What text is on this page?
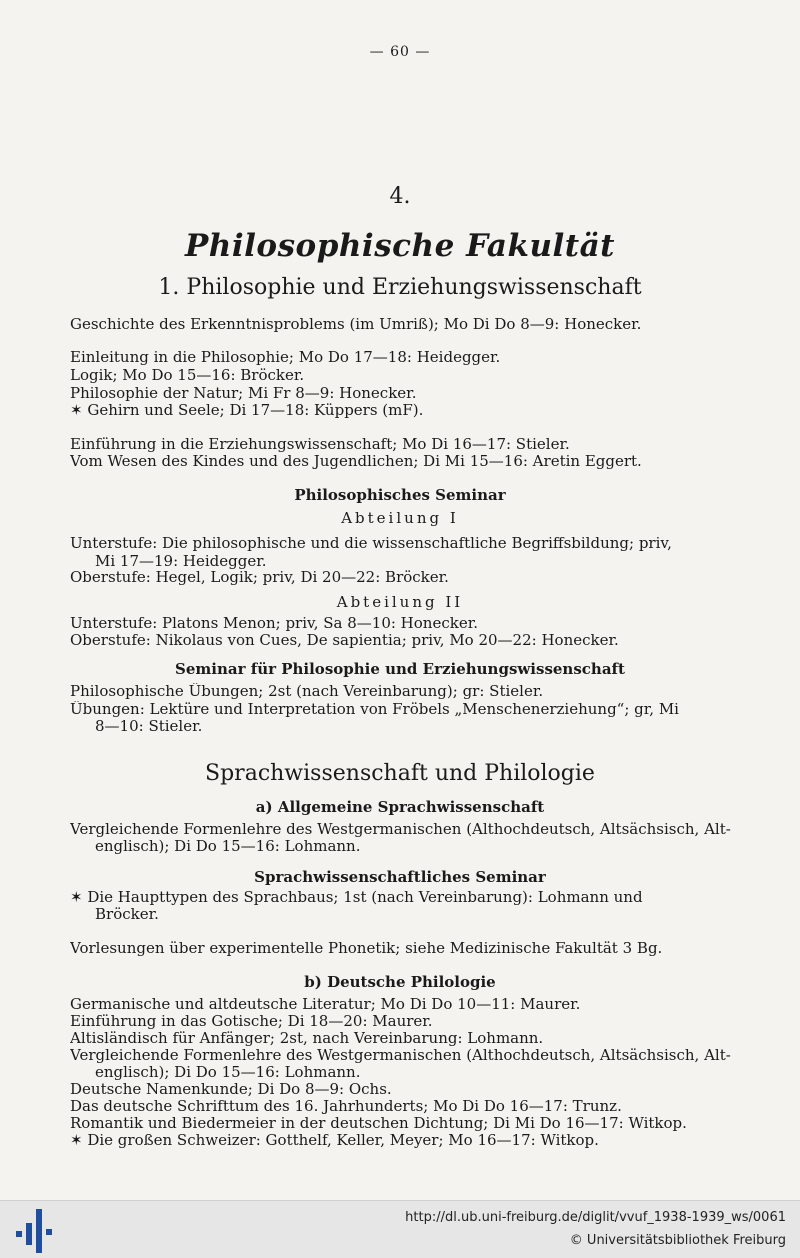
— 60 —
4.
Philosophische Fakultät
1. Philosophie und Erziehungswissenschaft
Geschichte des Erkenntnisproblems (im Umriß); Mo Di Do 8—9: Honecker.
Einleitung in die Philosophie; Mo Do 17—18: Heidegger.
Logik; Mo Do 15—16: Bröcker.
Philosophie der Natur; Mi Fr 8—9: Honecker.
✶ Gehirn und Seele; Di 17—18: Küppers (mF).
Einführung in die Erziehungswissenschaft; Mo Di 16—17: Stieler.
Vom Wesen des Kindes und des Jugendlichen; Di Mi 15—16: Aretin Eggert.
Philosophisches Seminar
Abteilung I
Unterstufe: Die philosophische und die wissenschaftliche Begriffsbildung; priv,
Mi 17—19: Heidegger.
Oberstufe: Hegel, Logik; priv, Di 20—22: Bröcker.
Abteilung II
Unterstufe: Platons Menon; priv, Sa 8—10: Honecker.
Oberstufe: Nikolaus von Cues, De sapientia; priv, Mo 20—22: Honecker.
Seminar für Philosophie und Erziehungswissenschaft
Philosophische Übungen; 2st (nach Vereinbarung); gr: Stieler.
Übungen: Lektüre und Interpretation von Fröbels „Menschenerziehung“; gr, Mi
8—10: Stieler.
Sprachwissenschaft und Philologie
a) Allgemeine Sprachwissenschaft
Vergleichende Formenlehre des Westgermanischen (Althochdeutsch, Altsächsisch, Alt-
englisch); Di Do 15—16: Lohmann.
Sprachwissenschaftliches Seminar
✶ Die Haupttypen des Sprachbaus; 1st (nach Vereinbarung): Lohmann und
Bröcker.
Vorlesungen über experimentelle Phonetik; siehe Medizinische Fakultät 3 Bg.
b) Deutsche Philologie
Germanische und altdeutsche Literatur; Mo Di Do 10—11: Maurer.
Einführung in das Gotische; Di 18—20: Maurer.
Altisländisch für Anfänger; 2st, nach Vereinbarung: Lohmann.
Vergleichende Formenlehre des Westgermanischen (Althochdeutsch, Altsächsisch, Alt-
englisch); Di Do 15—16: Lohmann.
Deutsche Namenkunde; Di Do 8—9: Ochs.
Das deutsche Schrifttum des 16. Jahrhunderts; Mo Di Do 16—17: Trunz.
Romantik und Biedermeier in der deutschen Dichtung; Di Mi Do 16—17: Witkop.
✶ Die großen Schweizer: Gotthelf, Keller, Meyer; Mo 16—17: Witkop.
http://dl.ub.uni-freiburg.de/diglit/vvuf_1938-1939_ws/0061
© Universitätsbibliothek Freiburg
